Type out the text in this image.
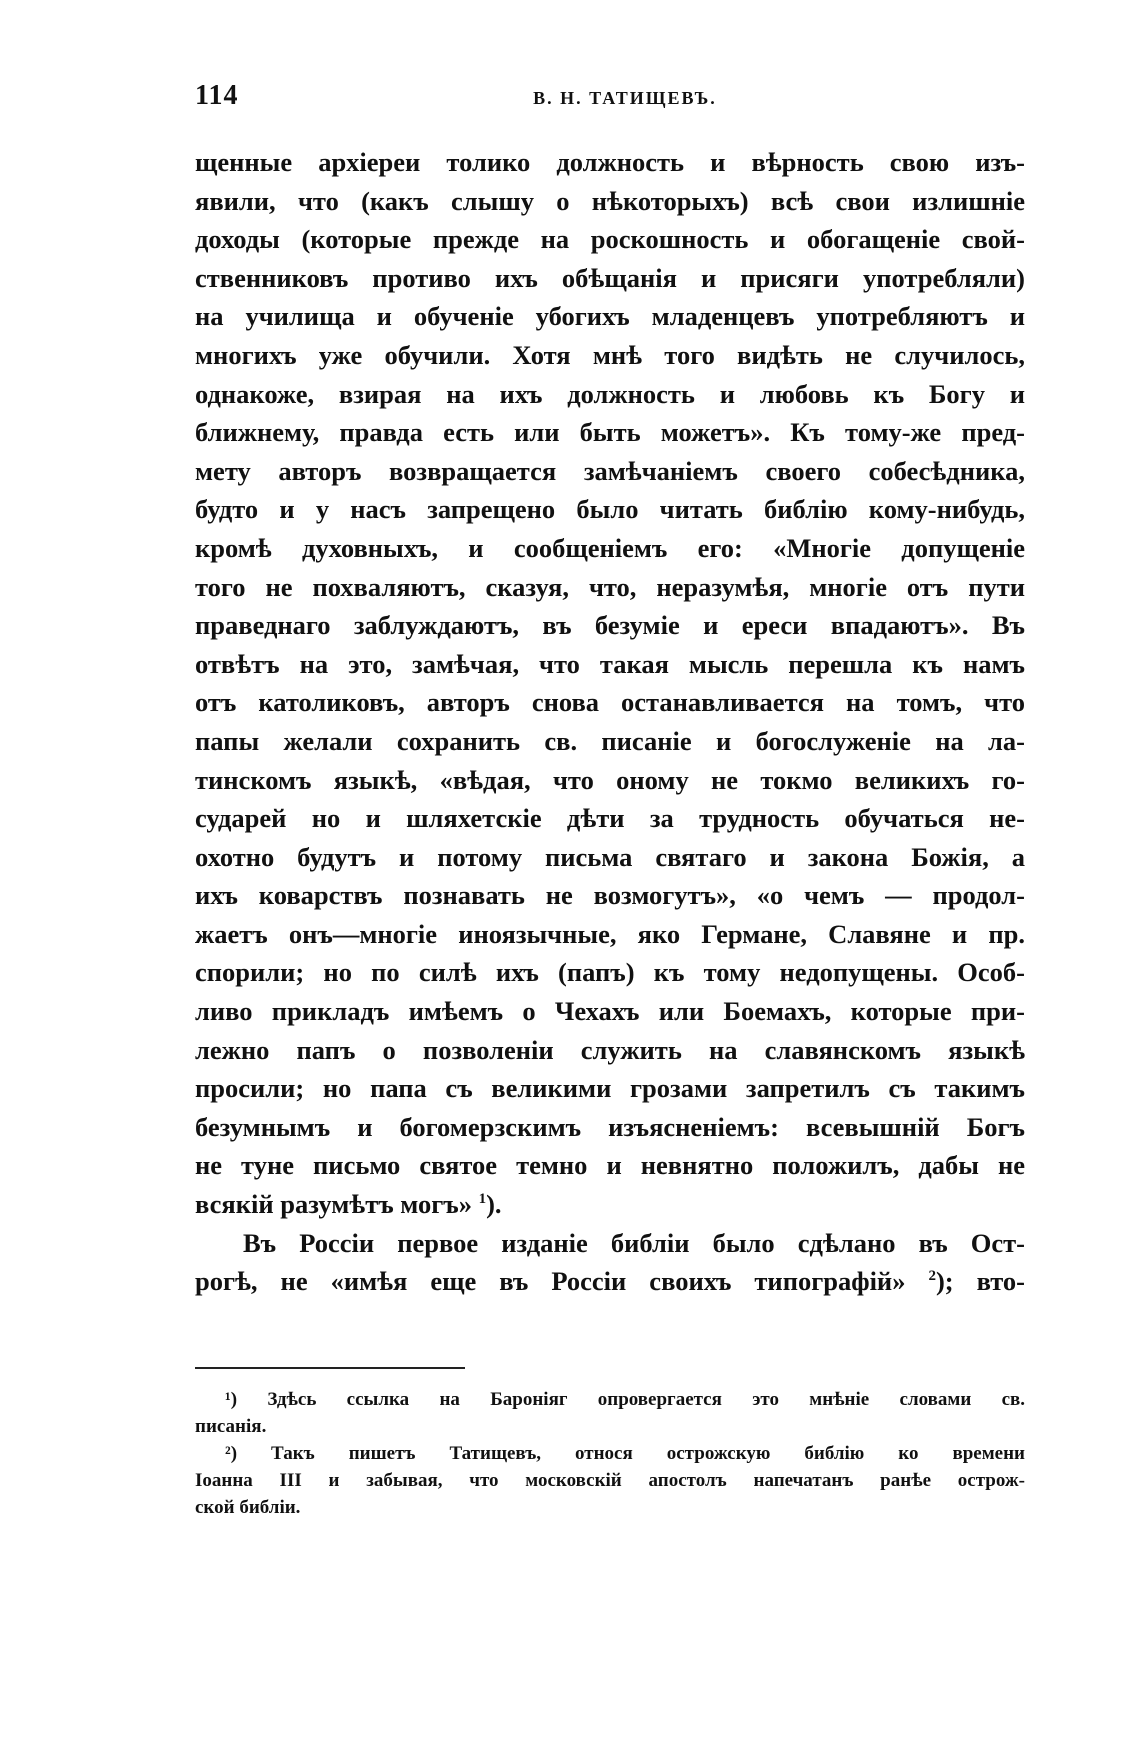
114	В. Н. ТАТИЩЕВЪ.
щенные архіереи толико должность и вѣрность свою изъ-
явили, что (какъ слышу о нѣкоторыхъ) всѣ свои излишніе
доходы (которые прежде на роскошность и обогащеніе свой-
ственниковъ противо ихъ обѣщанія и присяги употребляли)
на училища и обученіе убогихъ младенцевъ употребляютъ и
многихъ уже обучили. Хотя мнѣ того видѣть не случилось,
однакоже, взирая на ихъ должность и любовь къ Богу и
ближнему, правда есть или быть можетъ». Къ тому-же пред-
мету авторъ возвращается замѣчаніемъ своего собесѣдника,
будто и у насъ запрещено было читать библію кому-нибудь,
кромѣ духовныхъ, и сообщеніемъ его: «Многіе допущеніе
того не похваляютъ, сказуя, что, неразумѣя, многіе отъ пути
праведнаго заблуждаютъ, въ безуміе и ереси впадаютъ». Въ
отвѣтъ на это, замѣчая, что такая мысль перешла къ намъ
отъ католиковъ, авторъ снова останавливается на томъ, что
папы желали сохранить св. писаніе и богослуженіе на ла-
тинскомъ языкѣ, «вѣдая, что оному не токмо великихъ го-
сударей но и шляхетскіе дѣти за трудность обучаться не-
охотно будутъ и потому письма святаго и закона Божія, а
ихъ коварствъ познавать не возмогутъ», «о чемъ — продол-
жаетъ онъ—многіе иноязычные, яко Германе, Славяне и пр.
спорили; но по силѣ ихъ (папъ) къ тому недопущены. Особ-
ливо прикладъ имѣемъ о Чехахъ или Боемахъ, которые при-
лежно папъ о позволеніи служить на славянскомъ языкѣ
просили; но папа съ великими грозами запретилъ съ такимъ
безумнымъ и богомерзскимъ изъясненіемъ: всевышній Богъ
не туне письмо святое темно и невнятно положилъ, дабы не
всякій разумѣтъ могъ» $^1$).
Въ Россіи первое изданіе библіи было сдѣлано въ Ост-
рогѣ, не «имѣя еще въ Россіи своихъ типографій» $^2$); вто-
¹) Здѣсь ссылка на Бароніяг опровергается это мнѣніе словами св.
писанія.
²) Такъ пишетъ Татищевъ, относя острожскую библію ко времени
Іоанна III и забывая, что московскій апостолъ напечатанъ ранѣе острож-
ской библіи.
